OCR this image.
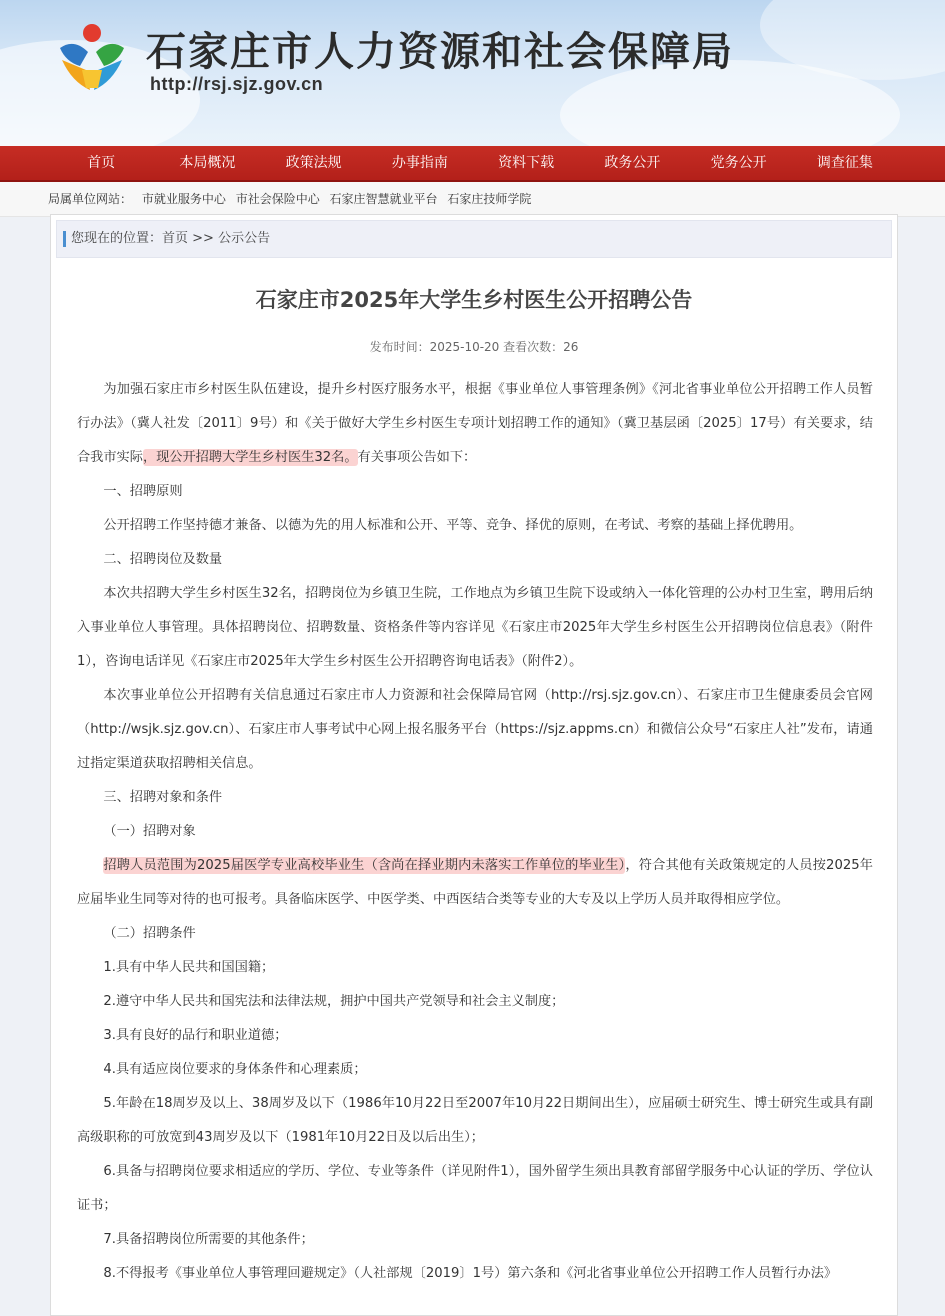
石家庄市人力资源和社会保障局
http://rsj.sjz.gov.cn
首页	本局概况	政策法规	办事指南	资料下载	政务公开	党务公开	调查征集
局属单位网站： 市就业服务中心 市社会保险中心 石家庄智慧就业平台 石家庄技师学院
您现在的位置：首页 >> 公示公告
石家庄市2025年大学生乡村医生公开招聘公告
发布时间：2025-10-20 查看次数：26

为加强石家庄市乡村医生队伍建设，提升乡村医疗服务水平，根据《事业单位人事管理条例》《河北省事业单位公开招聘工作人员暂行办法》（冀人社发〔2011〕9号）和《关于做好大学生乡村医生专项计划招聘工作的通知》（冀卫基层函〔2025〕17号）有关要求，结合我市实际，现公开招聘大学生乡村医生32名。有关事项公告如下：

一、招聘原则

公开招聘工作坚持德才兼备、以德为先的用人标准和公开、平等、竞争、择优的原则，在考试、考察的基础上择优聘用。

二、招聘岗位及数量

本次共招聘大学生乡村医生32名，招聘岗位为乡镇卫生院，工作地点为乡镇卫生院下设或纳入一体化管理的公办村卫生室，聘用后纳入事业单位人事管理。具体招聘岗位、招聘数量、资格条件等内容详见《石家庄市2025年大学生乡村医生公开招聘岗位信息表》（附件1），咨询电话详见《石家庄市2025年大学生乡村医生公开招聘咨询电话表》（附件2）。

本次事业单位公开招聘有关信息通过石家庄市人力资源和社会保障局官网（http://rsj.sjz.gov.cn）、石家庄市卫生健康委员会官网（http://wsjk.sjz.gov.cn）、石家庄市人事考试中心网上报名服务平台（https://sjz.appms.cn）和微信公众号“石家庄人社”发布，请通过指定渠道获取招聘相关信息。

三、招聘对象和条件

（一）招聘对象

招聘人员范围为2025届医学专业高校毕业生（含尚在择业期内未落实工作单位的毕业生），符合其他有关政策规定的人员按2025年应届毕业生同等对待的也可报考。具备临床医学、中医学类、中西医结合类等专业的大专及以上学历人员并取得相应学位。

（二）招聘条件

1.具有中华人民共和国国籍；

2.遵守中华人民共和国宪法和法律法规，拥护中国共产党领导和社会主义制度；

3.具有良好的品行和职业道德；

4.具有适应岗位要求的身体条件和心理素质；

5.年龄在18周岁及以上、38周岁及以下（1986年10月22日至2007年10月22日期间出生），应届硕士研究生、博士研究生或具有副高级职称的可放宽到43周岁及以下（1981年10月22日及以后出生）；

6.具备与招聘岗位要求相适应的学历、学位、专业等条件（详见附件1），国外留学生须出具教育部留学服务中心认证的学历、学位认证书；

7.具备招聘岗位所需要的其他条件；

8.不得报考《事业单位人事管理回避规定》（人社部规〔2019〕1号）第六条和《河北省事业单位公开招聘工作人员暂行办法》
